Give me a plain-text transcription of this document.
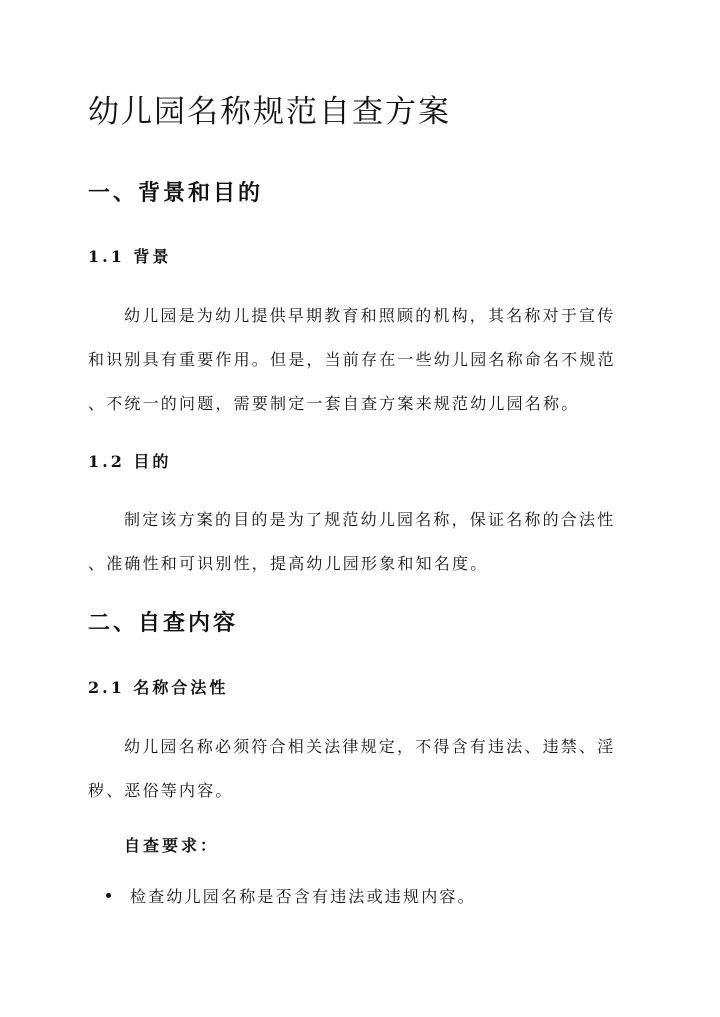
幼儿园名称规范自查方案
一、背景和目的
1.1 背景
幼儿园是为幼儿提供早期教育和照顾的机构，其名称对于宣传
和识别具有重要作用。但是，当前存在一些幼儿园名称命名不规范
、不统一的问题，需要制定一套自查方案来规范幼儿园名称。
1.2 目的
制定该方案的目的是为了规范幼儿园名称，保证名称的合法性
、准确性和可识别性，提高幼儿园形象和知名度。
二、自查内容
2.1 名称合法性
幼儿园名称必须符合相关法律规定，不得含有违法、违禁、淫
秽、恶俗等内容。
自查要求：
检查幼儿园名称是否含有违法或违规内容。
